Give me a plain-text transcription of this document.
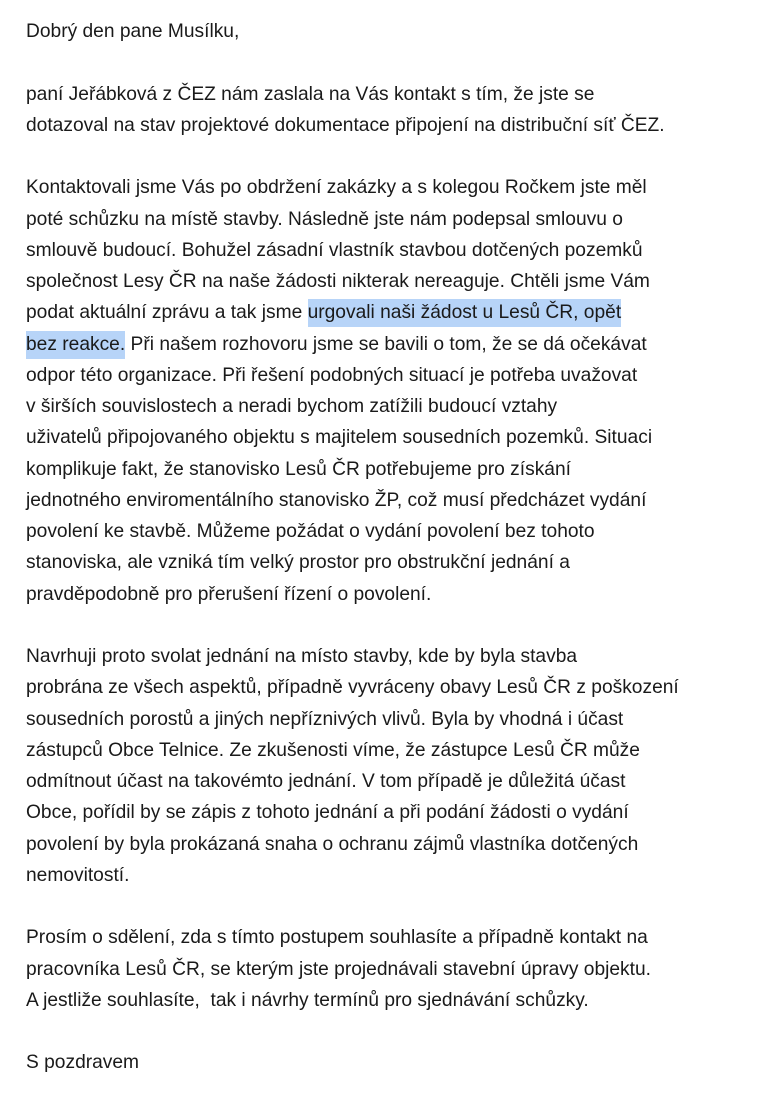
Dobrý den pane Musílku,
paní Jeřábková z ČEZ nám zaslala na Vás kontakt s tím, že jste se
dotazoval na stav projektové dokumentace připojení na distribuční síť ČEZ.
Kontaktovali jsme Vás po obdržení zakázky a s kolegou Ročkem jste měl
poté schůzku na místě stavby. Následně jste nám podepsal smlouvu o
smlouvě budoucí. Bohužel zásadní vlastník stavbou dotčených pozemků
společnost Lesy ČR na naše žádosti nikterak nereaguje. Chtěli jsme Vám
podat aktuální zprávu a tak jsme urgovali naši žádost u Lesů ČR, opět
bez reakce. Při našem rozhovoru jsme se bavili o tom, že se dá očekávat
odpor této organizace. Při řešení podobných situací je potřeba uvažovat
v širších souvislostech a neradi bychom zatížili budoucí vztahy
uživatelů připojovaného objektu s majitelem sousedních pozemků. Situaci
komplikuje fakt, že stanovisko Lesů ČR potřebujeme pro získání
jednotného enviromentálního stanovisko ŽP, což musí předcházet vydání
povolení ke stavbě. Můžeme požádat o vydání povolení bez tohoto
stanoviska, ale vzniká tím velký prostor pro obstrukční jednání a
pravděpodobně pro přerušení řízení o povolení.
Navrhuji proto svolat jednání na místo stavby, kde by byla stavba
probrána ze všech aspektů, případně vyvráceny obavy Lesů ČR z poškození
sousedních porostů a jiných nepříznivých vlivů. Byla by vhodná i účast
zástupců Obce Telnice. Ze zkušenosti víme, že zástupce Lesů ČR může
odmítnout účast na takovémto jednání. V tom případě je důležitá účast
Obce, pořídil by se zápis z tohoto jednání a při podání žádosti o vydání
povolení by byla prokázaná snaha o ochranu zájmů vlastníka dotčených
nemovitostí.
Prosím o sdělení, zda s tímto postupem souhlasíte a případně kontakt na
pracovníka Lesů ČR, se kterým jste projednávali stavební úpravy objektu.
A jestliže souhlasíte,  tak i návrhy termínů pro sjednávání schůzky.
S pozdravem
